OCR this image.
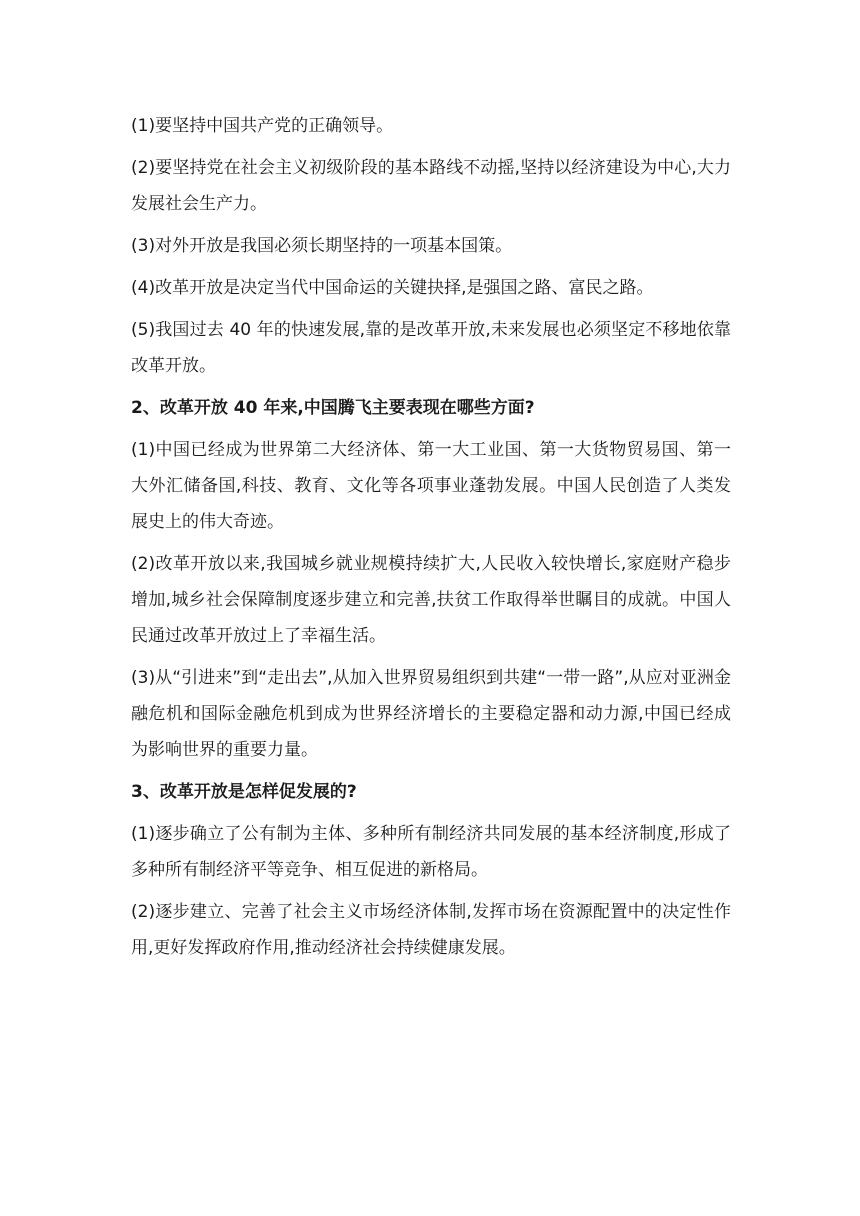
(1)要坚持中国共产党的正确领导。

(2)要坚持党在社会主义初级阶段的基本路线不动摇,坚持以经济建设为中心,大力发展社会生产力。

(3)对外开放是我国必须长期坚持的一项基本国策。

(4)改革开放是决定当代中国命运的关键抉择,是强国之路、富民之路。

(5)我国过去 40 年的快速发展,靠的是改革开放,未来发展也必须坚定不移地依靠改革开放。

2、改革开放 40 年来,中国腾飞主要表现在哪些方面?

(1)中国已经成为世界第二大经济体、第一大工业国、第一大货物贸易国、第一大外汇储备国,科技、教育、文化等各项事业蓬勃发展。中国人民创造了人类发展史上的伟大奇迹。

(2)改革开放以来,我国城乡就业规模持续扩大,人民收入较快增长,家庭财产稳步增加,城乡社会保障制度逐步建立和完善,扶贫工作取得举世瞩目的成就。中国人民通过改革开放过上了幸福生活。

(3)从“引进来”到“走出去”,从加入世界贸易组织到共建“一带一路”,从应对亚洲金融危机和国际金融危机到成为世界经济增长的主要稳定器和动力源,中国已经成为影响世界的重要力量。

3、改革开放是怎样促发展的?

(1)逐步确立了公有制为主体、多种所有制经济共同发展的基本经济制度,形成了多种所有制经济平等竞争、相互促进的新格局。

(2)逐步建立、完善了社会主义市场经济体制,发挥市场在资源配置中的决定性作用,更好发挥政府作用,推动经济社会持续健康发展。
